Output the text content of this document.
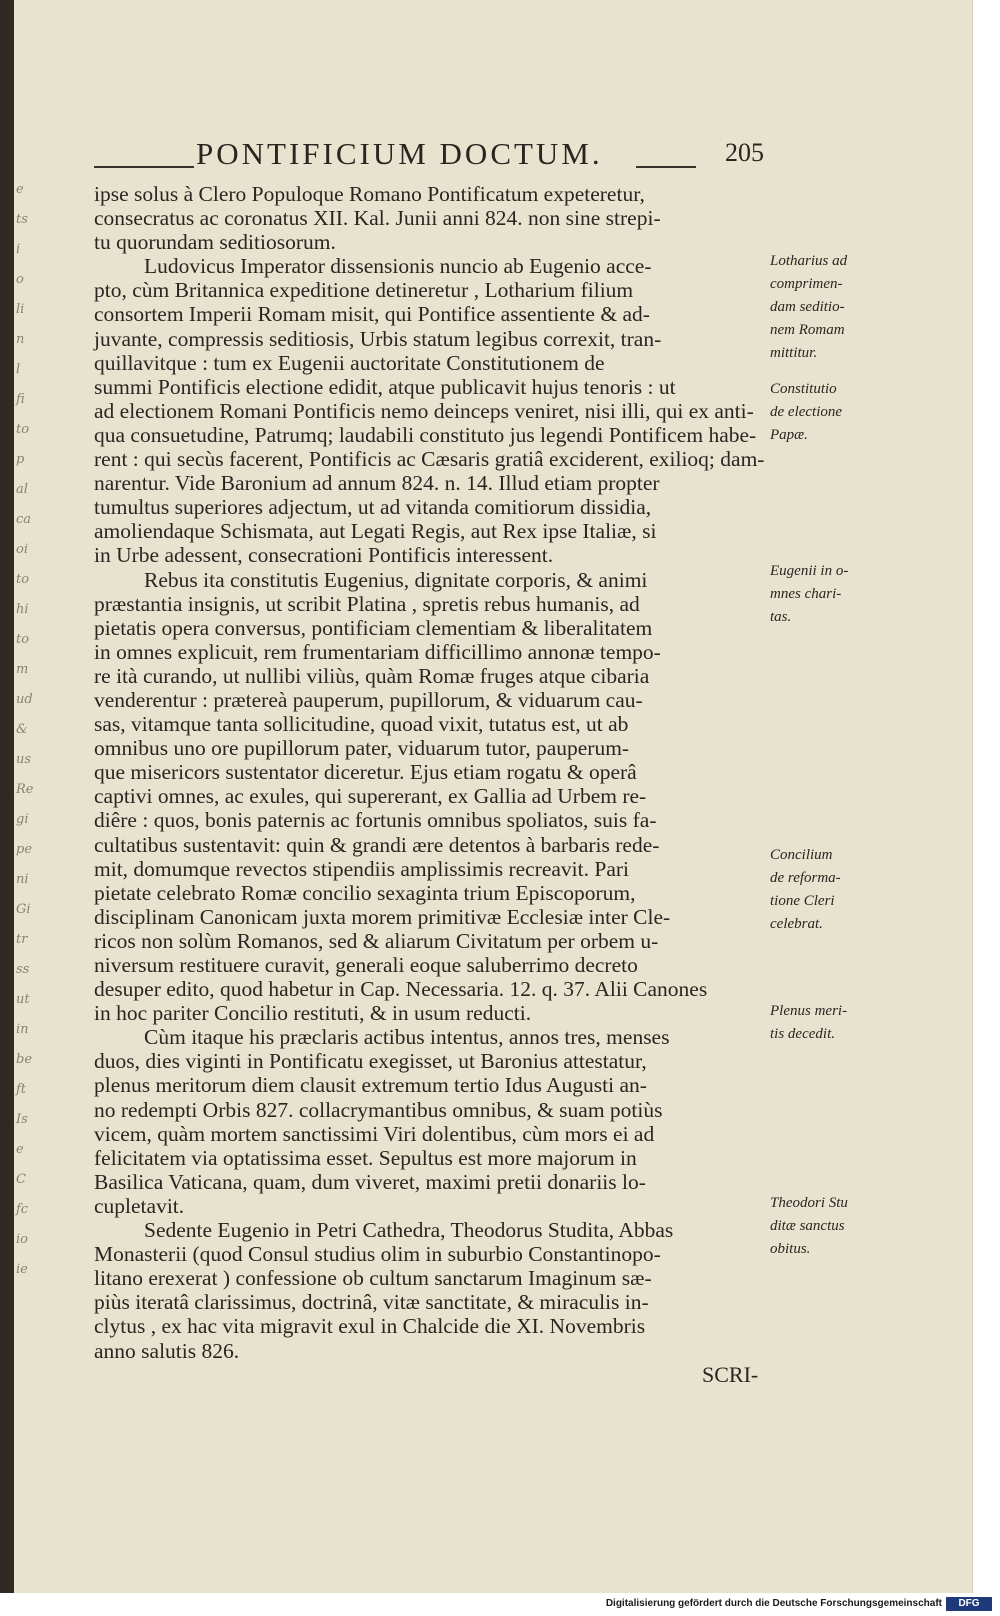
e
ts
i
o
li
n
l
fi
to
p
al
ca
oi
to
hi
to
m
ud
&
us
Re
gi
pe
ni
Gi
tr
ss
ut
in
be
ft
Is
e
C
fc
io
ie
PONTIFICIUM DOCTUM.	205
ipse solus à Clero Populoque Romano Pontificatum expeteretur,
consecratus ac coronatus XII. Kal. Junii anni 824. non sine strepi-
tu quorundam seditiosorum.
Ludovicus Imperator dissensionis nuncio ab Eugenio acce-
pto, cùm Britannica expeditione detineretur , Lotharium filium
consortem Imperii Romam misit, qui Pontifice assentiente & ad-
juvante, compressis seditiosis, Urbis statum legibus correxit, tran-
quillavitque : tum ex Eugenii auctoritate Constitutionem de
summi Pontificis electione edidit, atque publicavit hujus tenoris : ut
ad electionem Romani Pontificis nemo deinceps veniret, nisi illi, qui ex anti-
qua consuetudine, Patrumq; laudabili constituto jus legendi Pontificem habe-
rent : qui secùs facerent, Pontificis ac Cæsaris gratiâ exciderent, exilioq; dam-
narentur. Vide Baronium ad annum 824. n. 14. Illud etiam propter
tumultus superiores adjectum, ut ad vitanda comitiorum dissidia,
amoliendaque Schismata, aut Legati Regis, aut Rex ipse Italiæ, si
in Urbe adessent, consecrationi Pontificis interessent.
Rebus ita constitutis Eugenius, dignitate corporis, & animi
præstantia insignis, ut scribit Platina , spretis rebus humanis, ad
pietatis opera conversus, pontificiam clementiam & liberalitatem
in omnes explicuit, rem frumentariam difficillimo annonæ tempo-
re ità curando, ut nullibi viliùs, quàm Romæ fruges atque cibaria
venderentur : prætereà pauperum, pupillorum, & viduarum cau-
sas, vitamque tanta sollicitudine, quoad vixit, tutatus est, ut ab
omnibus uno ore pupillorum pater, viduarum tutor, pauperum-
que misericors sustentator diceretur. Ejus etiam rogatu & operâ
captivi omnes, ac exules, qui supererant, ex Gallia ad Urbem re-
diêre : quos, bonis paternis ac fortunis omnibus spoliatos, suis fa-
cultatibus sustentavit: quin & grandi ære detentos à barbaris rede-
mit, domumque revectos stipendiis amplissimis recreavit. Pari
pietate celebrato Romæ concilio sexaginta trium Episcoporum,
disciplinam Canonicam juxta morem primitivæ Ecclesiæ inter Cle-
ricos non solùm Romanos, sed & aliarum Civitatum per orbem u-
niversum restituere curavit, generali eoque saluberrimo decreto
desuper edito, quod habetur in Cap. Necessaria. 12. q. 37. Alii Canones
in hoc pariter Concilio restituti, & in usum reducti.
Cùm itaque his præclaris actibus intentus, annos tres, menses
duos, dies viginti in Pontificatu exegisset, ut Baronius attestatur,
plenus meritorum diem clausit extremum tertio Idus Augusti an-
no redempti Orbis 827. collacrymantibus omnibus, & suam potiùs
vicem, quàm mortem sanctissimi Viri dolentibus, cùm mors ei ad
felicitatem via optatissima esset. Sepultus est more majorum in
Basilica Vaticana, quam, dum viveret, maximi pretii donariis lo-
cupletavit.
Sedente Eugenio in Petri Cathedra, Theodorus Studita, Abbas
Monasterii (quod Consul studius olim in suburbio Constantinopo-
litano erexerat ) confessione ob cultum sanctarum Imaginum sæ-
piùs iteratâ clarissimus, doctrinâ, vitæ sanctitate, & miraculis in-
clytus , ex hac vita migravit exul in Chalcide die XI. Novembris
anno salutis 826.
Lotharius ad
comprimen-
dam seditio-
nem Romam
mittitur.
Constitutio
de electione
Papæ.
Eugenii in o-
mnes chari-
tas.
Concilium
de reforma-
tione Cleri
celebrat.
Plenus meri-
tis decedit.
Theodori Stu
ditæ sanctus
obitus.
SCRI-
Digitalisierung gefördert durch die Deutsche Forschungsgemeinschaft	DFG
